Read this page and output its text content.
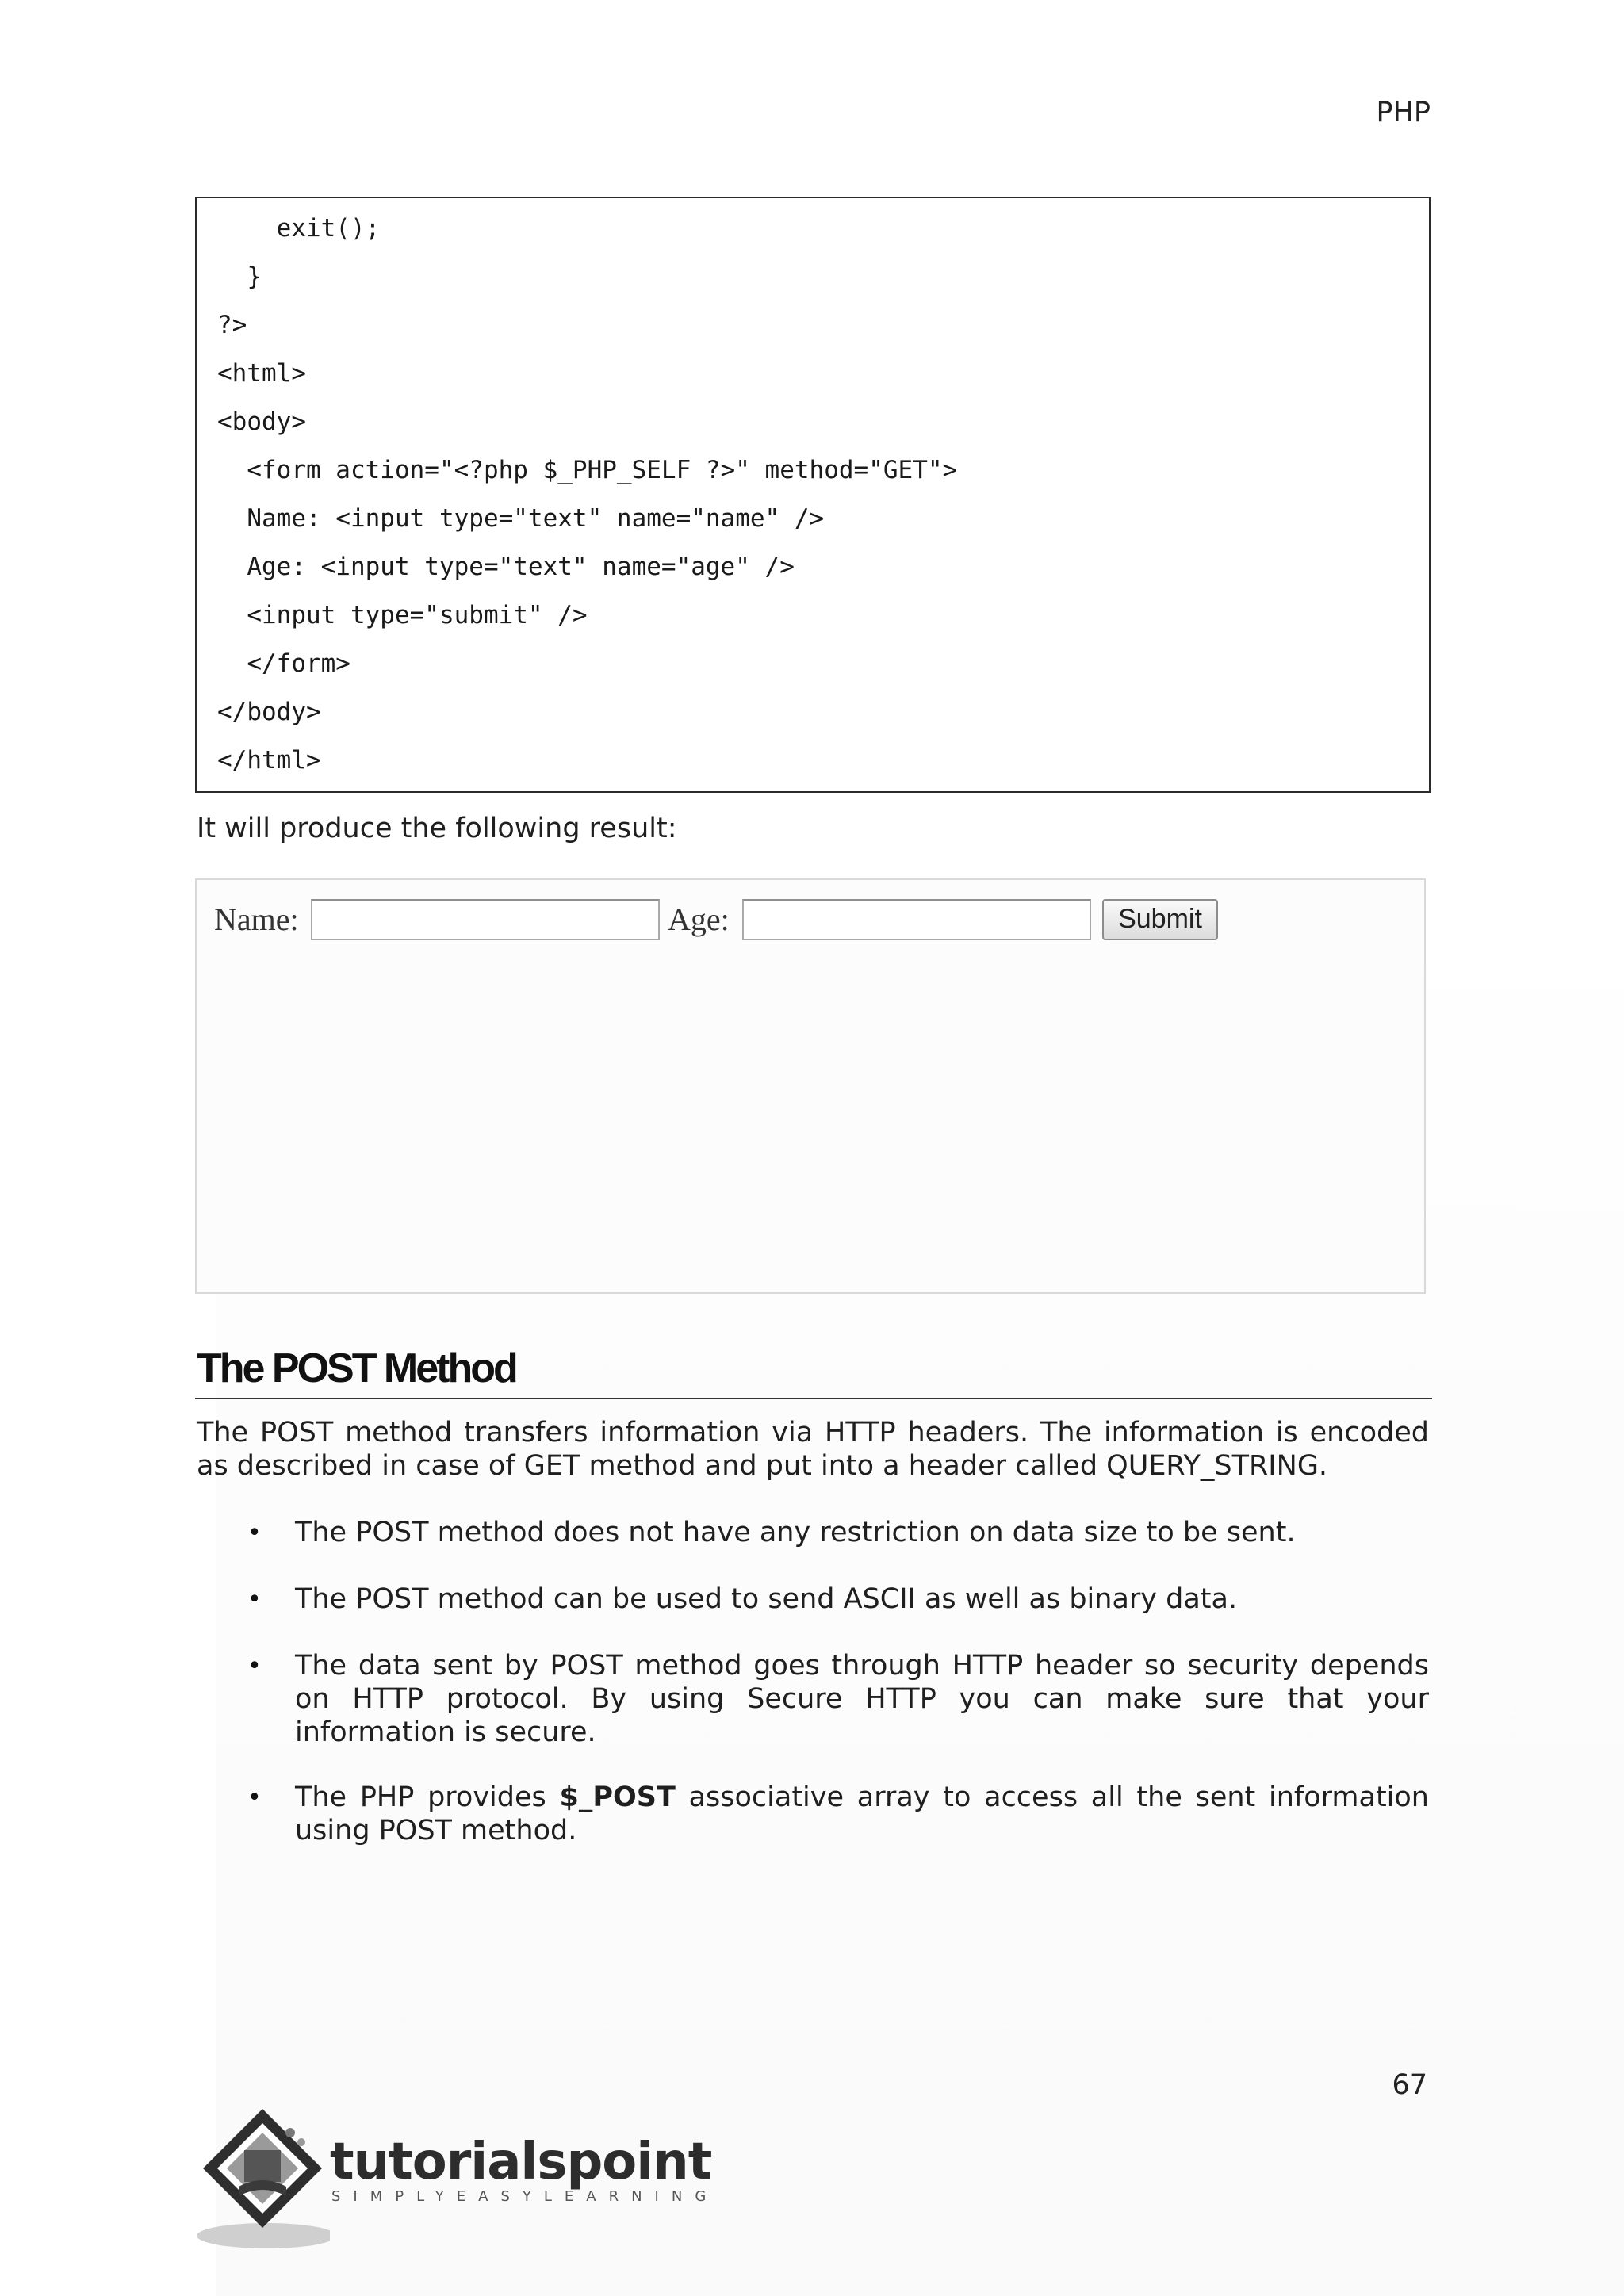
PHP
exit();
}
?>
<html>
<body>
<form action="<?php $_PHP_SELF ?>" method="GET">
Name: <input type="text" name="name" />
Age: <input type="text" name="age" />
<input type="submit" />
</form>
</body>
</html>
It will produce the following result:
Name:	Age:	Submit
The POST Method
The POST method transfers information via HTTP headers. The information is encoded as described in case of GET method and put into a header called QUERY_STRING.
• The POST method does not have any restriction on data size to be sent.
• The POST method can be used to send ASCII as well as binary data.
• The data sent by POST method goes through HTTP header so security depends on HTTP protocol. By using Secure HTTP you can make sure that your information is secure.
• The PHP provides $_POST associative array to access all the sent information using POST method.
67
tutorialspoint
SIMPLYEASYLEARNING
